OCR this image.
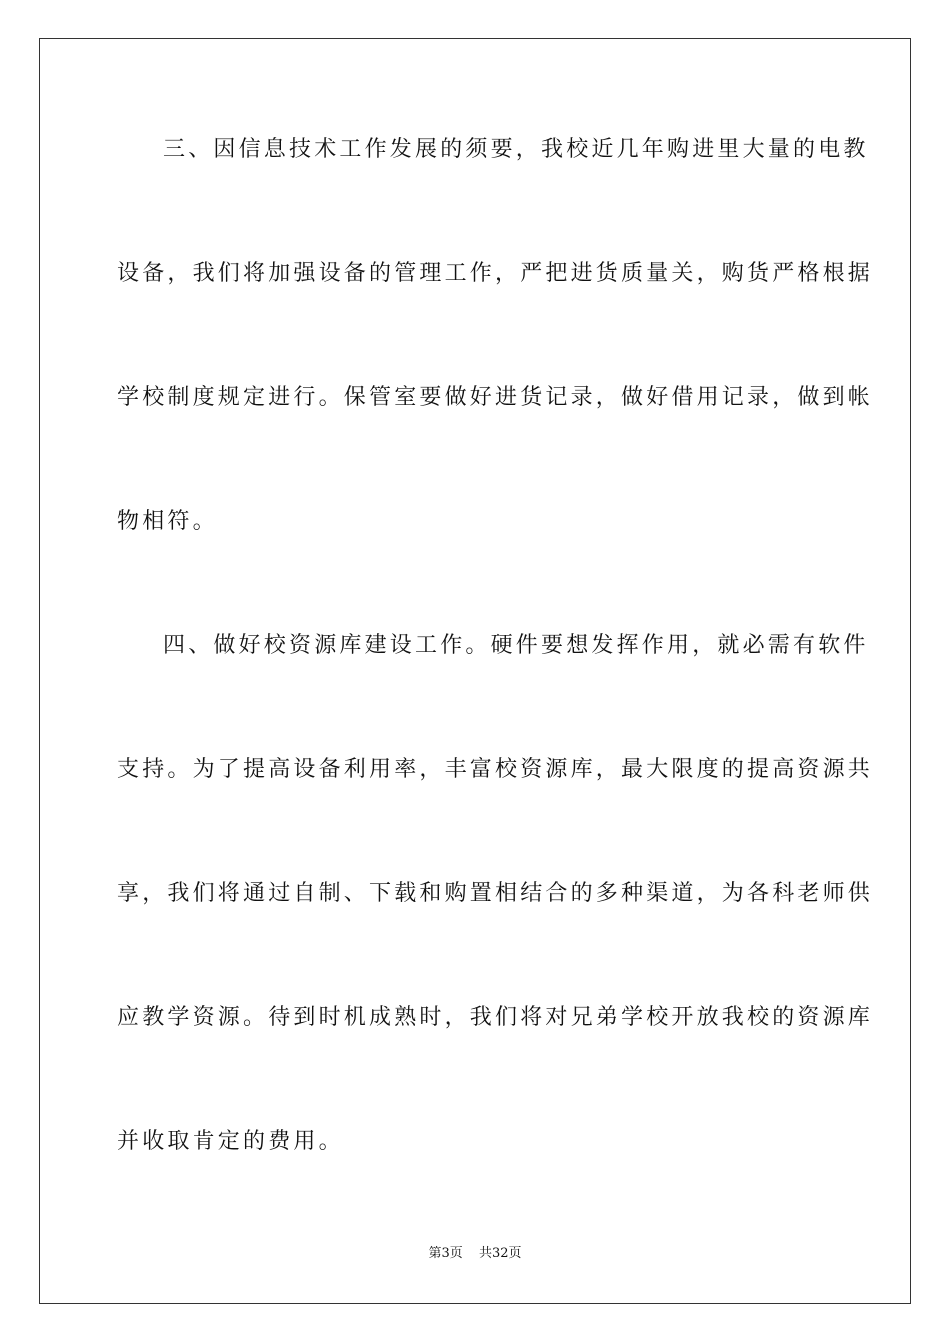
三、因信息技术工作发展的须要，我校近几年购进里大量的电教
设备，我们将加强设备的管理工作，严把进货质量关，购货严格根据
学校制度规定进行。保管室要做好进货记录，做好借用记录，做到帐
物相符。
四、做好校资源库建设工作。硬件要想发挥作用，就必需有软件
支持。为了提高设备利用率，丰富校资源库，最大限度的提高资源共
享，我们将通过自制、下载和购置相结合的多种渠道，为各科老师供
应教学资源。待到时机成熟时，我们将对兄弟学校开放我校的资源库
并收取肯定的费用。
第3页 共32页
